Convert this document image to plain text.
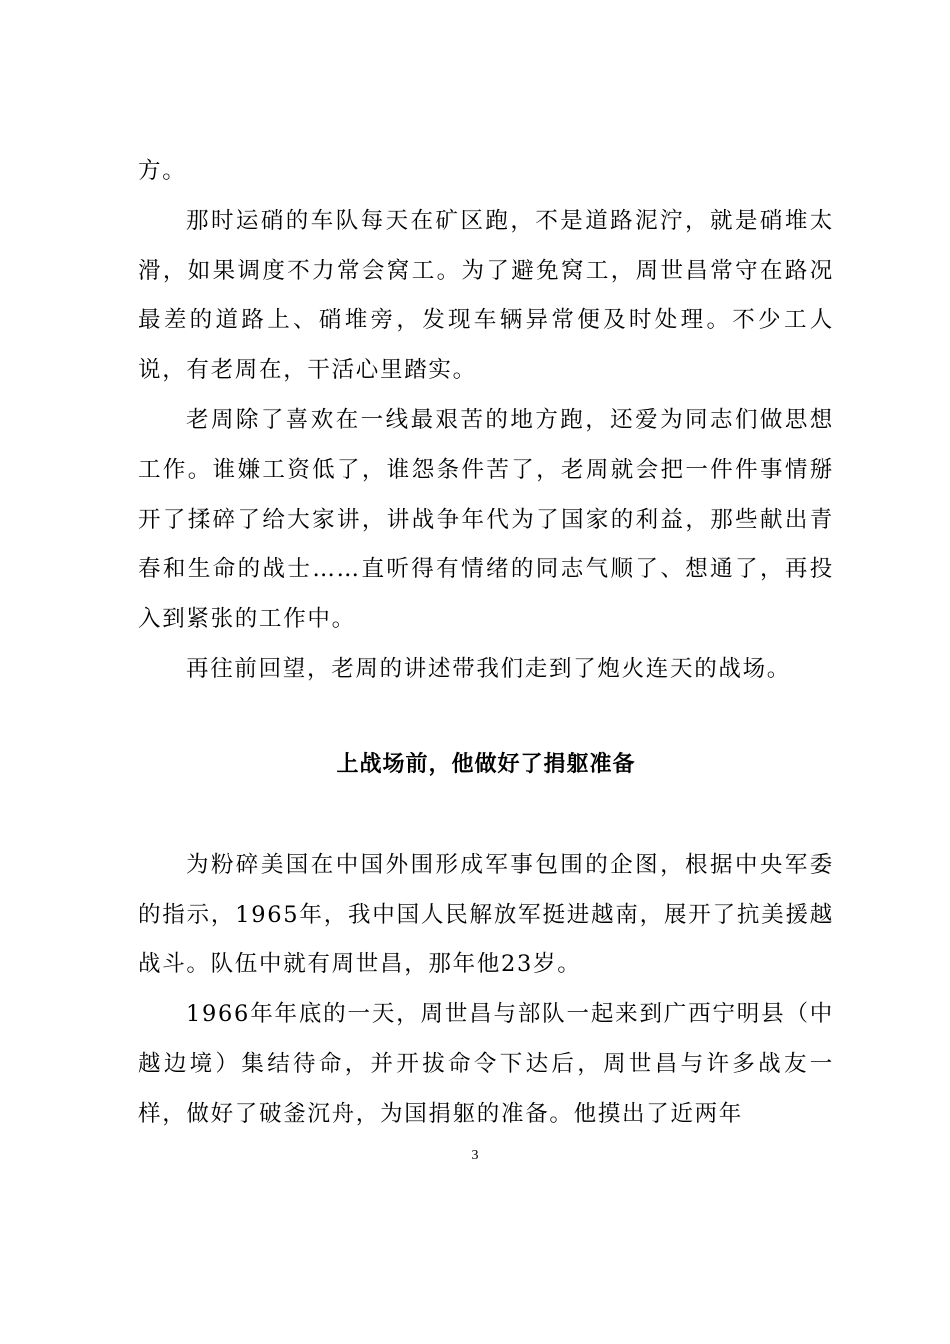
方。

那时运硝的车队每天在矿区跑，不是道路泥泞，就是硝堆太滑，如果调度不力常会窝工。为了避免窝工，周世昌常守在路况最差的道路上、硝堆旁，发现车辆异常便及时处理。不少工人说，有老周在，干活心里踏实。

老周除了喜欢在一线最艰苦的地方跑，还爱为同志们做思想工作。谁嫌工资低了，谁怨条件苦了，老周就会把一件件事情掰开了揉碎了给大家讲，讲战争年代为了国家的利益，那些献出青春和生命的战士……直听得有情绪的同志气顺了、想通了，再投入到紧张的工作中。

再往前回望，老周的讲述带我们走到了炮火连天的战场。

上战场前，他做好了捐躯准备

为粉碎美国在中国外围形成军事包围的企图，根据中央军委的指示，1965年，我中国人民解放军挺进越南，展开了抗美援越战斗。队伍中就有周世昌，那年他23岁。

1966年年底的一天，周世昌与部队一起来到广西宁明县（中越边境）集结待命，并开拔命令下达后，周世昌与许多战友一样，做好了破釜沉舟，为国捐躯的准备。他摸出了近两年

3
